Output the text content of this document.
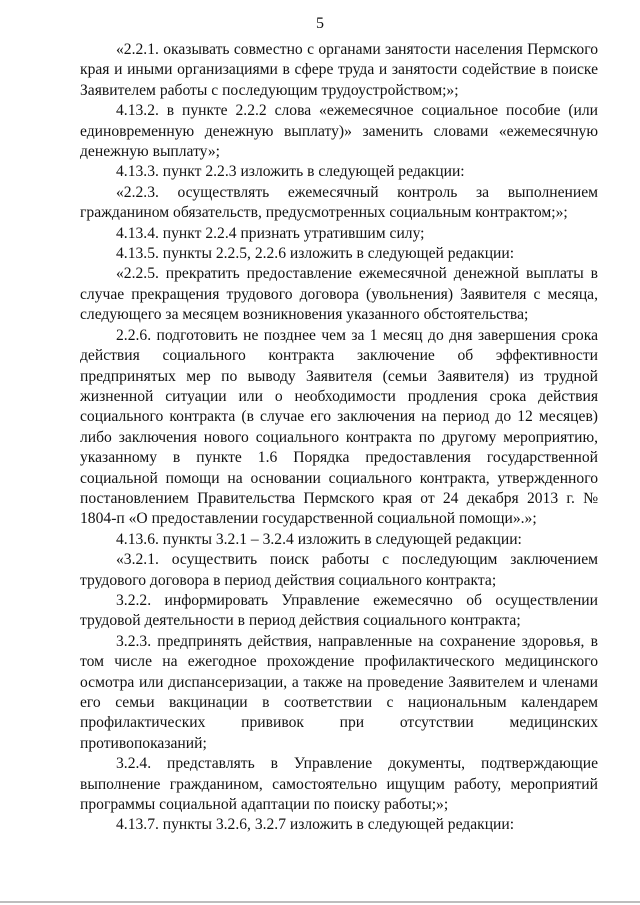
5

«2.2.1. оказывать совместно с органами занятости населения Пермского края и иными организациями в сфере труда и занятости содействие в поиске Заявителем работы с последующим трудоустройством;»;

4.13.2. в пункте 2.2.2 слова «ежемесячное социальное пособие (или единовременную денежную выплату)» заменить словами «ежемесячную денежную выплату»;

4.13.3. пункт 2.2.3 изложить в следующей редакции:

«2.2.3. осуществлять ежемесячный контроль за выполнением гражданином обязательств, предусмотренных социальным контрактом;»;

4.13.4. пункт 2.2.4 признать утратившим силу;

4.13.5. пункты 2.2.5, 2.2.6 изложить в следующей редакции:

«2.2.5. прекратить предоставление ежемесячной денежной выплаты в случае прекращения трудового договора (увольнения) Заявителя с месяца, следующего за месяцем возникновения указанного обстоятельства;

2.2.6. подготовить не позднее чем за 1 месяц до дня завершения срока действия социального контракта заключение об эффективности предпринятых мер по выводу Заявителя (семьи Заявителя) из трудной жизненной ситуации или о необходимости продления срока действия социального контракта (в случае его заключения на период до 12 месяцев) либо заключения нового социального контракта по другому мероприятию, указанному в пункте 1.6 Порядка предоставления государственной социальной помощи на основании социального контракта, утвержденного постановлением Правительства Пермского края от 24 декабря 2013 г. № 1804-п «О предоставлении государственной социальной помощи».»;

4.13.6. пункты 3.2.1 – 3.2.4 изложить в следующей редакции:

«3.2.1. осуществить поиск работы с последующим заключением трудового договора в период действия социального контракта;

3.2.2. информировать Управление ежемесячно об осуществлении трудовой деятельности в период действия социального контракта;

3.2.3. предпринять действия, направленные на сохранение здоровья, в том числе на ежегодное прохождение профилактического медицинского осмотра или диспансеризации, а также на проведение Заявителем и членами его семьи вакцинации в соответствии с национальным календарем профилактических прививок при отсутствии медицинских противопоказаний;

3.2.4. представлять в Управление документы, подтверждающие выполнение гражданином, самостоятельно ищущим работу, мероприятий программы социальной адаптации по поиску работы;»;

4.13.7. пункты 3.2.6, 3.2.7 изложить в следующей редакции:
